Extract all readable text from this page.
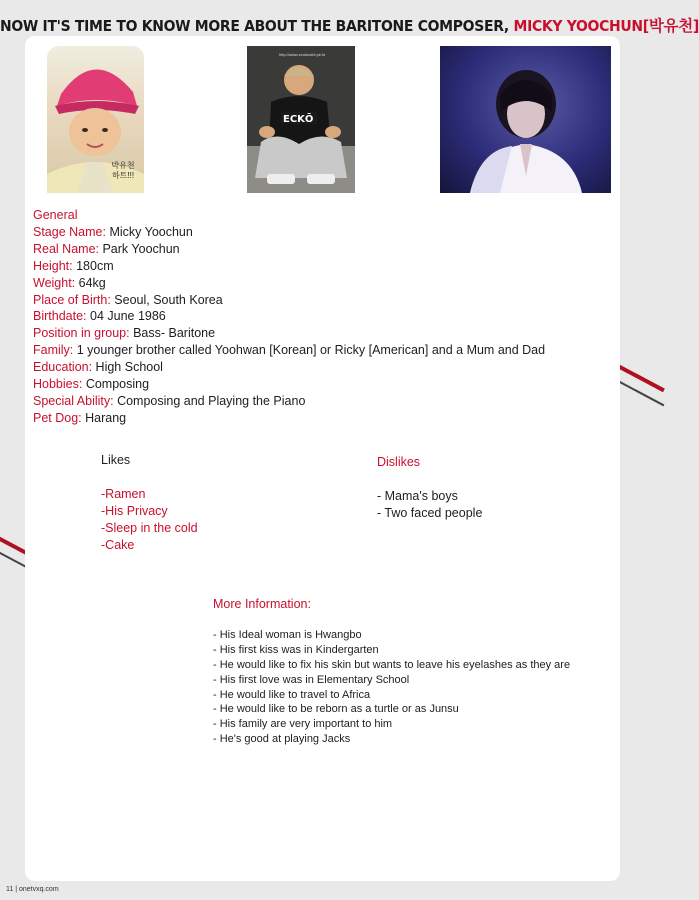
NOW IT'S TIME TO KNOW MORE ABOUT THE BARITONE COMPOSER, MICKY YOOCHUN[박유천]
박유천 하트!!!
ECKŌ
http://www.ecolworld.pe.kr
General
Stage Name: Micky Yoochun
Real Name: Park Yoochun
Height: 180cm
Weight: 64kg
Place of Birth: Seoul, South Korea
Birthdate: 04 June 1986
Position in group: Bass- Baritone
Family: 1 younger brother called Yoohwan [Korean] or Ricky [American] and a Mum and Dad
Education: High School
Hobbies: Composing
Special Ability: Composing and Playing the Piano
Pet Dog: Harang
Likes
-Ramen
-His Privacy
-Sleep in the cold
-Cake
Dislikes
- Mama's boys
- Two faced people
More Information:
- His Ideal woman is Hwangbo
- His first kiss was in Kindergarten
- He would like to fix his skin but wants to leave his eyelashes as they are
- His first love was in Elementary School
- He would like to travel to Africa
- He would like to be reborn as a turtle or as Junsu
- His family are very important to him
- He's good at playing Jacks
11 | onetvxq.com
